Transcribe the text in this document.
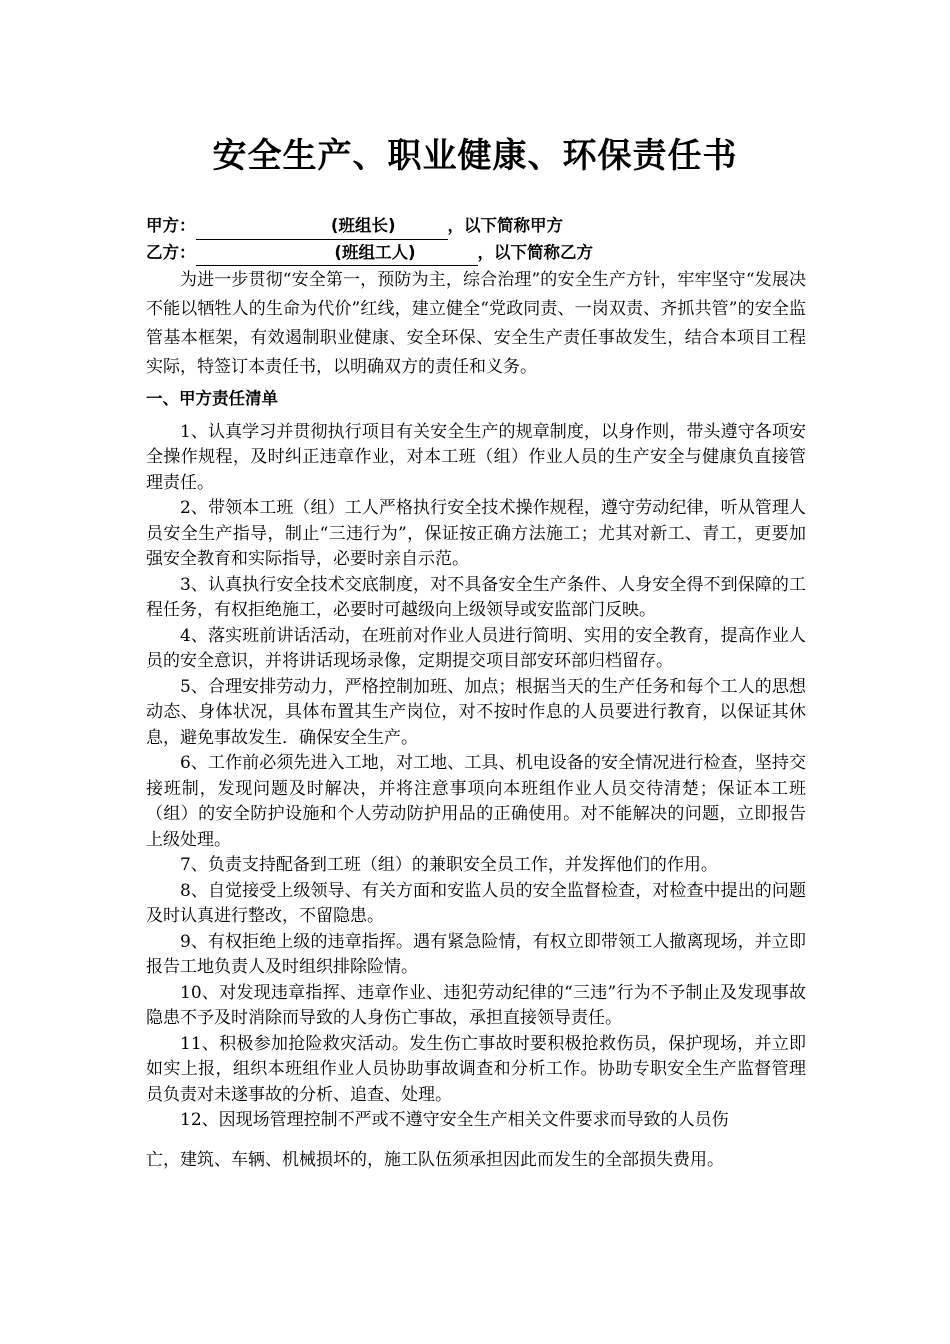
安全生产、职业健康、环保责任书
甲方：	(班组长)	，以下简称甲方
乙方：	(班组工人)	，以下简称乙方

为进一步贯彻“安全第一，预防为主，综合治理”的安全生产方针，牢牢坚守“发展决不能以牺牲人的生命为代价”红线，建立健全“党政同责、一岗双责、齐抓共管”的安全监管基本框架，有效遏制职业健康、安全环保、安全生产责任事故发生，结合本项目工程实际，特签订本责任书，以明确双方的责任和义务。

一、甲方责任清单

1、认真学习并贯彻执行项目有关安全生产的规章制度，以身作则，带头遵守各项安全操作规程，及时纠正违章作业，对本工班（组）作业人员的生产安全与健康负直接管理责任。

2、带领本工班（组）工人严格执行安全技术操作规程，遵守劳动纪律，听从管理人员安全生产指导，制止“三违行为”，保证按正确方法施工；尤其对新工、青工，更要加强安全教育和实际指导，必要时亲自示范。

3、认真执行安全技术交底制度，对不具备安全生产条件、人身安全得不到保障的工程任务，有权拒绝施工，必要时可越级向上级领导或安监部门反映。

4、落实班前讲话活动，在班前对作业人员进行简明、实用的安全教育，提高作业人员的安全意识，并将讲话现场录像，定期提交项目部安环部归档留存。

5、合理安排劳动力，严格控制加班、加点；根据当天的生产任务和每个工人的思想动态、身体状况，具体布置其生产岗位，对不按时作息的人员要进行教育，以保证其休息，避免事故发生．确保安全生产。

6、工作前必须先进入工地，对工地、工具、机电设备的安全情况进行检查，坚持交接班制，发现问题及时解决，并将注意事项向本班组作业人员交待清楚；保证本工班（组）的安全防护设施和个人劳动防护用品的正确使用。对不能解决的问题，立即报告上级处理。

7、负责支持配备到工班（组）的兼职安全员工作，并发挥他们的作用。

8、自觉接受上级领导、有关方面和安监人员的安全监督检查，对检查中提出的问题及时认真进行整改，不留隐患。

9、有权拒绝上级的违章指挥。遇有紧急险情，有权立即带领工人撤离现场，并立即报告工地负责人及时组织排除险情。

10、对发现违章指挥、违章作业、违犯劳动纪律的“三违”行为不予制止及发现事故隐患不予及时消除而导致的人身伤亡事故，承担直接领导责任。

11、积极参加抢险救灾活动。发生伤亡事故时要积极抢救伤员，保护现场，并立即如实上报，组织本班组作业人员协助事故调查和分析工作。协助专职安全生产监督管理员负责对未遂事故的分析、追查、处理。

12、因现场管理控制不严或不遵守安全生产相关文件要求而导致的人员伤

亡，建筑、车辆、机械损坏的，施工队伍须承担因此而发生的全部损失费用。
